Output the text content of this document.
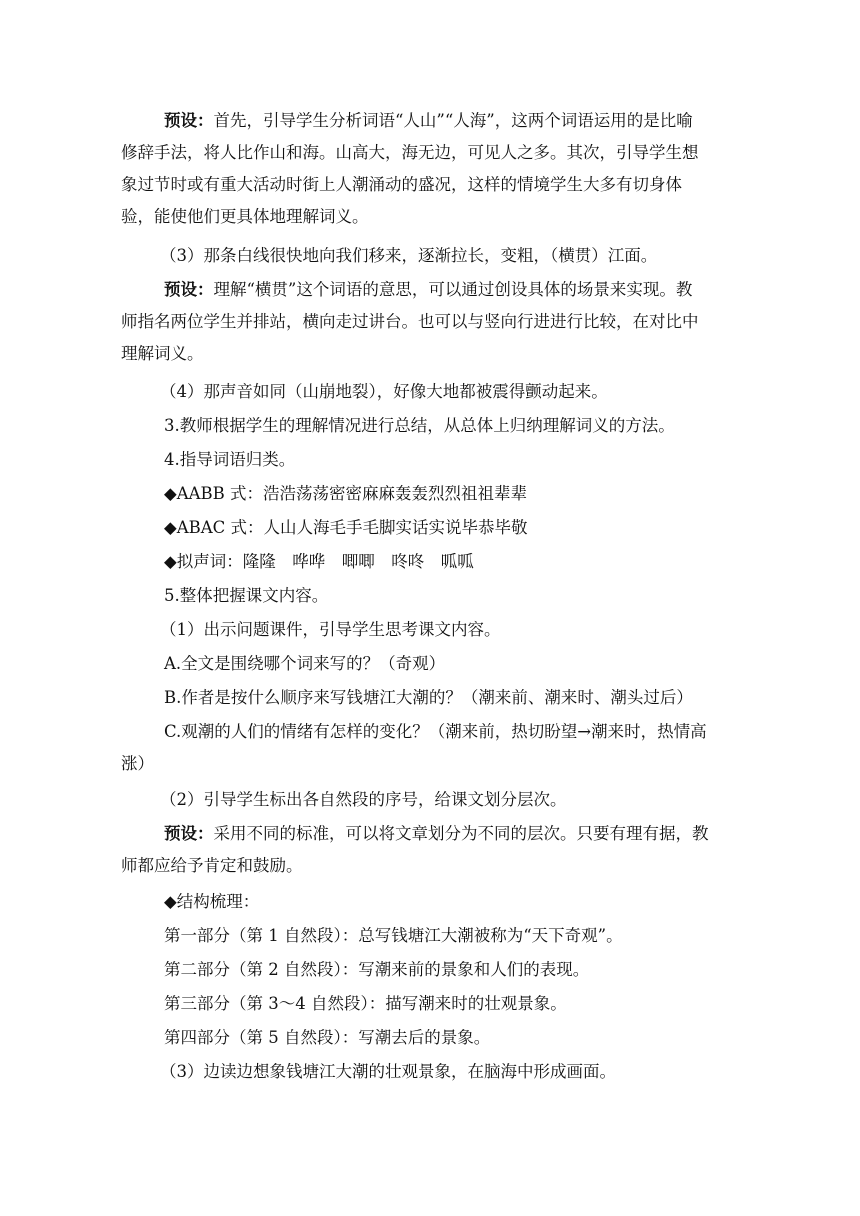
预设：首先，引导学生分析词语“人山”“人海”，这两个词语运用的是比喻

修辞手法，将人比作山和海。山高大，海无边，可见人之多。其次，引导学生想

象过节时或有重大活动时街上人潮涌动的盛况，这样的情境学生大多有切身体

验，能使他们更具体地理解词义。

（3）那条白线很快地向我们移来，逐渐拉长，变粗，（横贯）江面。

预设：理解“横贯”这个词语的意思，可以通过创设具体的场景来实现。教

师指名两位学生并排站，横向走过讲台。也可以与竖向行进进行比较，在对比中

理解词义。

（4）那声音如同（山崩地裂），好像大地都被震得颤动起来。

3.教师根据学生的理解情况进行总结，从总体上归纳理解词义的方法。

4.指导词语归类。

◆AABB 式：浩浩荡荡密密麻麻轰轰烈烈祖祖辈辈

◆ABAC 式：人山人海毛手毛脚实话实说毕恭毕敬

◆拟声词：隆隆　哗哗　唧唧　咚咚　呱呱

5.整体把握课文内容。

（1）出示问题课件，引导学生思考课文内容。

A.全文是围绕哪个词来写的？（奇观）

B.作者是按什么顺序来写钱塘江大潮的？（潮来前、潮来时、潮头过后）

C.观潮的人们的情绪有怎样的变化？（潮来前，热切盼望→潮来时，热情高

涨）

（2）引导学生标出各自然段的序号，给课文划分层次。

预设：采用不同的标准，可以将文章划分为不同的层次。只要有理有据，教

师都应给予肯定和鼓励。

◆结构梳理：

第一部分（第 1 自然段）：总写钱塘江大潮被称为“天下奇观”。

第二部分（第 2 自然段）：写潮来前的景象和人们的表现。

第三部分（第 3～4 自然段）：描写潮来时的壮观景象。

第四部分（第 5 自然段）：写潮去后的景象。

（3）边读边想象钱塘江大潮的壮观景象，在脑海中形成画面。
